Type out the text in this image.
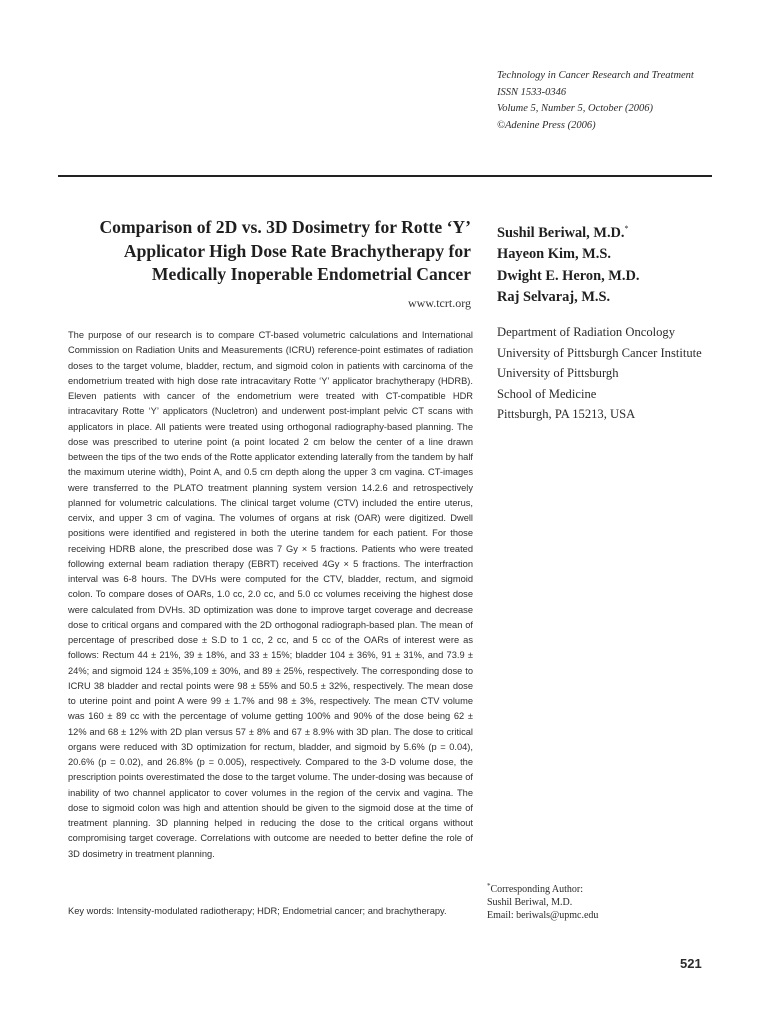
Technology in Cancer Research and Treatment
ISSN 1533-0346
Volume 5, Number 5, October (2006)
©Adenine Press (2006)
Comparison of 2D vs. 3D Dosimetry for Rotte ‘Y’ Applicator High Dose Rate Brachytherapy for Medically Inoperable Endometrial Cancer
www.tcrt.org
Sushil Beriwal, M.D.*
Hayeon Kim, M.S.
Dwight E. Heron, M.D.
Raj Selvaraj, M.S.
Department of Radiation Oncology
University of Pittsburgh Cancer Institute
University of Pittsburgh
School of Medicine
Pittsburgh, PA 15213, USA

The purpose of our research is to compare CT-based volumetric calculations and International Commission on Radiation Units and Measurements (ICRU) reference-point estimates of radiation doses to the target volume, bladder, rectum, and sigmoid colon in patients with carcinoma of the endometrium treated with high dose rate intracavitary Rotte ‘Y’ applicator brachytherapy (HDRB). Eleven patients with cancer of the endometrium were treated with CT-compatible HDR intracavitary Rotte ‘Y’ applicators (Nucletron) and underwent post-implant pelvic CT scans with applicators in place. All patients were treated using orthogonal radiography-based planning. The dose was prescribed to uterine point (a point located 2 cm below the center of a line drawn between the tips of the two ends of the Rotte applicator extending laterally from the tandem by half the maximum uterine width), Point A, and 0.5 cm depth along the upper 3 cm vagina. CT-images were transferred to the PLATO treatment planning system version 14.2.6 and retrospectively planned for volumetric calculations. The clinical target volume (CTV) included the entire uterus, cervix, and upper 3 cm of vagina. The volumes of organs at risk (OAR) were digitized. Dwell positions were identified and registered in both the uterine tandem for each patient. For those receiving HDRB alone, the prescribed dose was 7 Gy × 5 fractions. Patients who were treated following external beam radiation therapy (EBRT) received 4Gy × 5 fractions. The interfraction interval was 6-8 hours. The DVHs were computed for the CTV, bladder, rectum, and sigmoid colon. To compare doses of OARs, 1.0 cc, 2.0 cc, and 5.0 cc volumes receiving the highest dose were calculated from DVHs. 3D optimization was done to improve target coverage and decrease dose to critical organs and compared with the 2D orthogonal radiograph-based plan. The mean of percentage of prescribed dose ± S.D to 1 cc, 2 cc, and 5 cc of the OARs of interest were as follows: Rectum 44 ± 21%, 39 ± 18%, and 33 ± 15%; bladder 104 ± 36%, 91 ± 31%, and 73.9 ± 24%; and sigmoid 124 ± 35%,109 ± 30%, and 89 ± 25%, respectively. The corresponding dose to ICRU 38 bladder and rectal points were 98 ± 55% and 50.5 ± 32%, respectively. The mean dose to uterine point and point A were 99 ± 1.7% and 98 ± 3%, respectively. The mean CTV volume was 160 ± 89 cc with the percentage of volume getting 100% and 90% of the dose being 62 ± 12% and 68 ± 12% with 2D plan versus 57 ± 8% and 67 ± 8.9% with 3D plan. The dose to critical organs were reduced with 3D optimization for rectum, bladder, and sigmoid by 5.6% (p = 0.04), 20.6% (p = 0.02), and 26.8% (p = 0.005), respectively. Compared to the 3-D volume dose, the prescription points overestimated the dose to the target volume. The under-dosing was because of inability of two channel applicator to cover volumes in the region of the cervix and vagina. The dose to sigmoid colon was high and attention should be given to the sigmoid dose at the time of treatment planning. 3D planning helped in reducing the dose to the critical organs without compromising target coverage. Correlations with outcome are needed to better define the role of 3D dosimetry in treatment planning.

Key words: Intensity-modulated radiotherapy; HDR; Endometrial cancer; and brachytherapy.
*Corresponding Author:
Sushil Beriwal, M.D.
Email: beriwals@upmc.edu
521
